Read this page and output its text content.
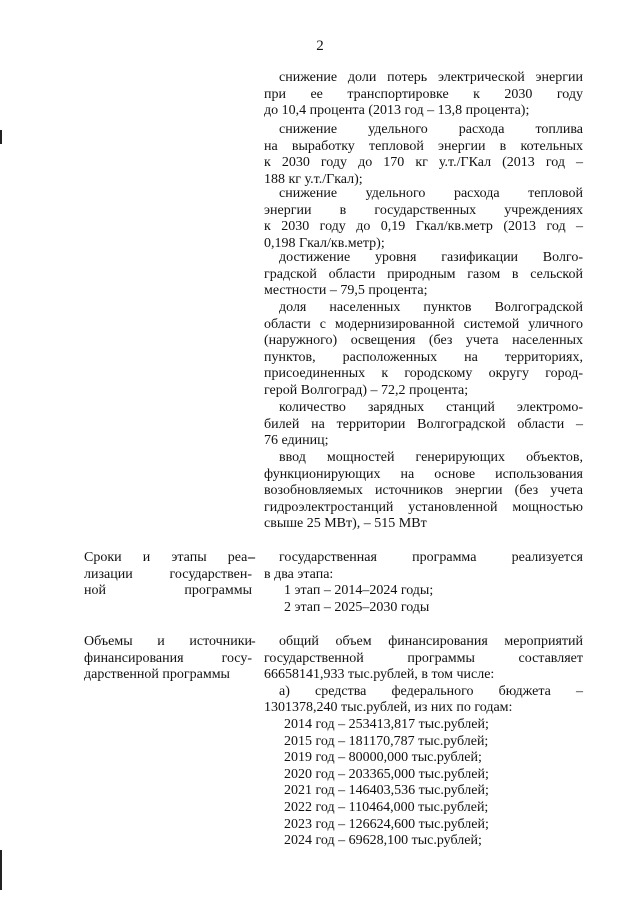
2

снижение доли потерь электрической энергии
при ее транспортировке к 2030 году
до 10,4 процента (2013 год – 13,8 процента);

снижение удельного расхода топлива
на выработку тепловой энергии в котельных
к 2030 году до 170 кг у.т./ГКал (2013 год –
188 кг у.т./Гкал);
снижение удельного расхода тепловой
энергии в государственных учреждениях
к 2030 году до 0,19 Гкал/кв.метр (2013 год –
0,198 Гкал/кв.метр);
достижение уровня газификации Волго-
градской области природным газом в сельской
местности – 79,5 процента;
доля населенных пунктов Волгоградской
области с модернизированной системой уличного
(наружного) освещения (без учета населенных
пунктов, расположенных на территориях,
присоединенных к городскому округу город-
герой Волгоград) – 72,2 процента;
количество зарядных станций электромо-
билей на территории Волгоградской области –
76 единиц;
ввод мощностей генерирующих объектов,
функционирующих на основе использования
возобновляемых источников энергии (без учета
гидроэлектростанций установленной мощностью
свыше 25 МВт), – 515 МВт
Сроки и этапы реа-
лизации государствен-
ной программы
-	государственная программа реализуется
в два этапа:

1 этап – 2014–2024 годы;

2 этап – 2025–2030 годы

Объемы и источники
финансирования госу-
дарственной программы
-	общий объем финансирования мероприятий
государственной программы составляет
66658141,933 тыс.рублей, в том числе:
а) средства федерального бюджета –
1301378,240 тыс.рублей, из них по годам:

2014 год – 253413,817 тыс.рублей;

2015 год – 181170,787 тыс.рублей;

2019 год – 80000,000 тыс.рублей;

2020 год – 203365,000 тыс.рублей;

2021 год – 146403,536 тыс.рублей;

2022 год – 110464,000 тыс.рублей;

2023 год – 126624,600 тыс.рублей;

2024 год – 69628,100 тыс.рублей;
